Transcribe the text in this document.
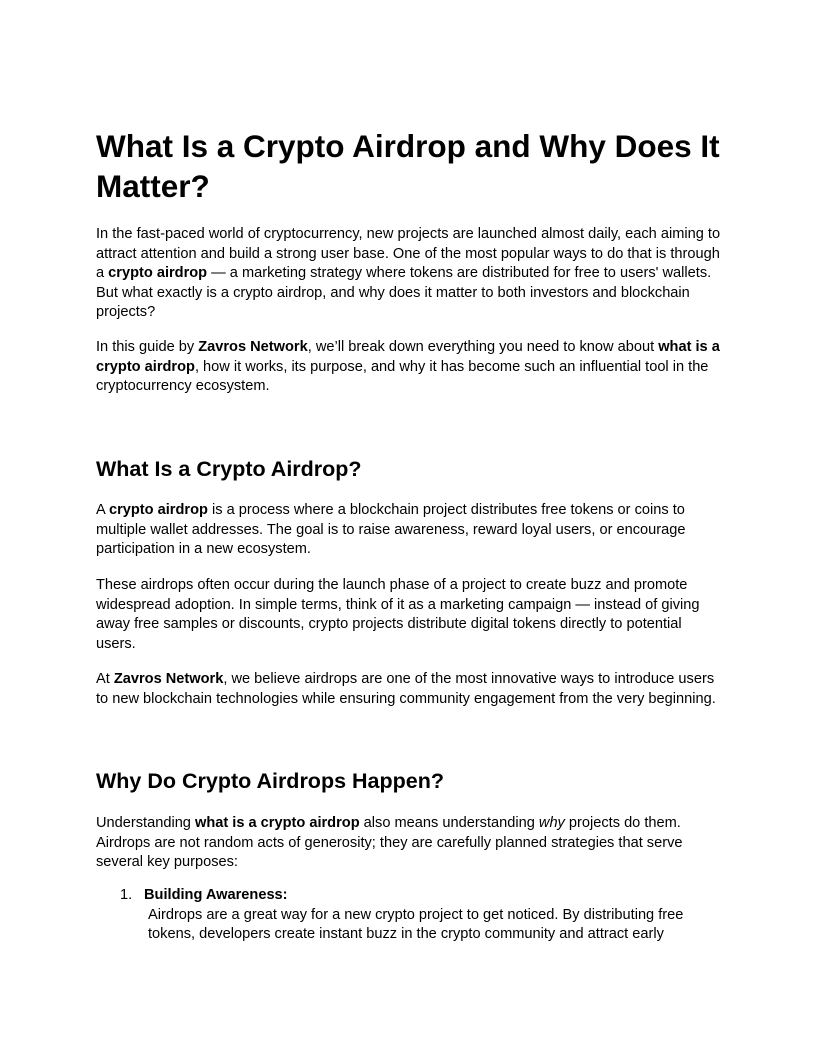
What Is a Crypto Airdrop and Why Does It Matter?

In the fast-paced world of cryptocurrency, new projects are launched almost daily, each aiming to attract attention and build a strong user base. One of the most popular ways to do that is through a crypto airdrop — a marketing strategy where tokens are distributed for free to users' wallets. But what exactly is a crypto airdrop, and why does it matter to both investors and blockchain projects?

In this guide by Zavros Network, we’ll break down everything you need to know about what is a crypto airdrop, how it works, its purpose, and why it has become such an influential tool in the cryptocurrency ecosystem.

What Is a Crypto Airdrop?

A crypto airdrop is a process where a blockchain project distributes free tokens or coins to multiple wallet addresses. The goal is to raise awareness, reward loyal users, or encourage participation in a new ecosystem.

These airdrops often occur during the launch phase of a project to create buzz and promote widespread adoption. In simple terms, think of it as a marketing campaign — instead of giving away free samples or discounts, crypto projects distribute digital tokens directly to potential users.

At Zavros Network, we believe airdrops are one of the most innovative ways to introduce users to new blockchain technologies while ensuring community engagement from the very beginning.

Why Do Crypto Airdrops Happen?

Understanding what is a crypto airdrop also means understanding why projects do them. Airdrops are not random acts of generosity; they are carefully planned strategies that serve several key purposes:

1. Building Awareness:
Airdrops are a great way for a new crypto project to get noticed. By distributing free tokens, developers create instant buzz in the crypto community and attract early
